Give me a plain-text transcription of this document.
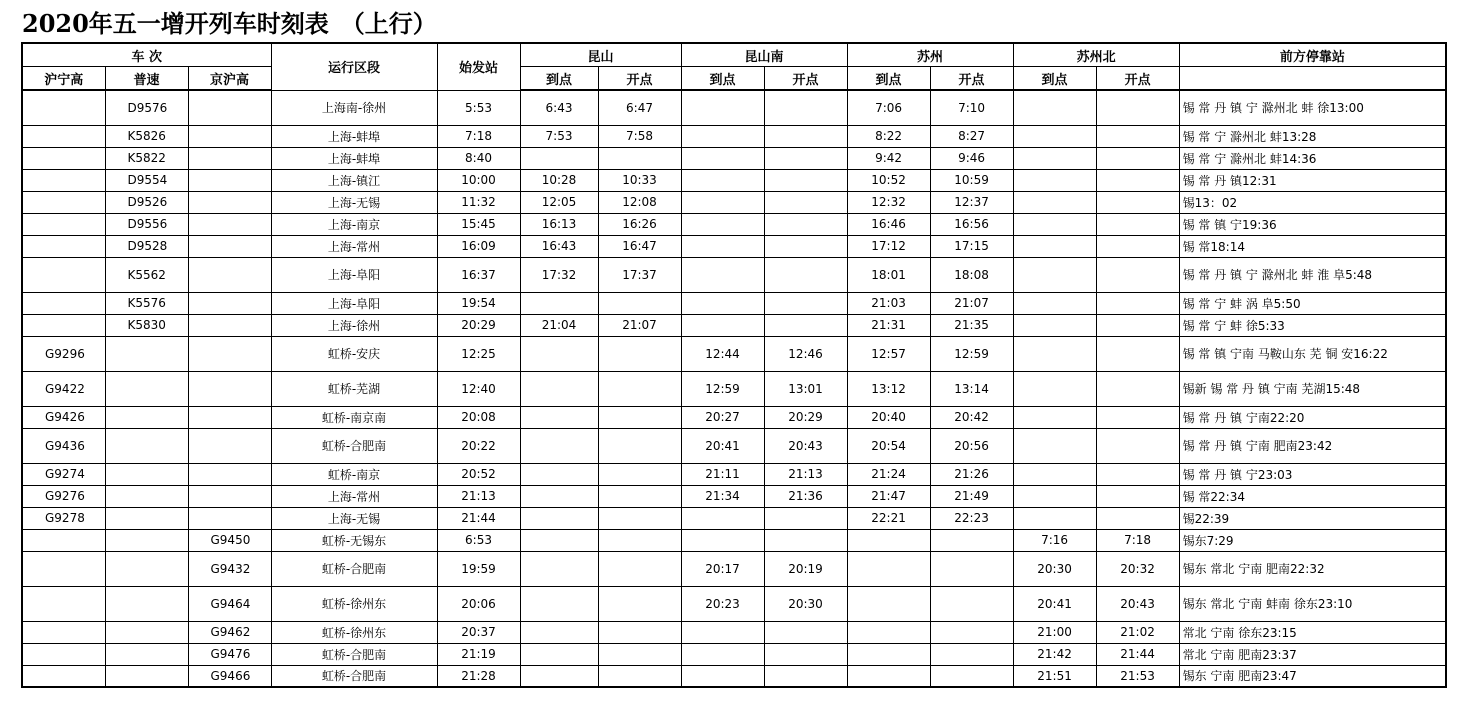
2020年五一增开列车时刻表　（上行）
车 次			运行区段	始发站	昆山		昆山南		苏州		苏州北		前方停靠站
沪宁高	普速	京沪高			到点	开点	到点	开点	到点	开点	到点	开点	
	D9576		上海南-徐州	5:53	6:43	6:47			7:06	7:10			锡 常 丹 镇 宁 滁州北 蚌 徐13:00
	K5826		上海-蚌埠	7:18	7:53	7:58			8:22	8:27			锡 常 宁 滁州北 蚌13:28
	K5822		上海-蚌埠	8:40					9:42	9:46			锡 常 宁 滁州北 蚌14:36
	D9554		上海-镇江	10:00	10:28	10:33			10:52	10:59			锡 常 丹 镇12:31
	D9526		上海-无锡	11:32	12:05	12:08			12:32	12:37			锡13：02
	D9556		上海-南京	15:45	16:13	16:26			16:46	16:56			锡 常 镇 宁19:36
	D9528		上海-常州	16:09	16:43	16:47			17:12	17:15			锡 常18:14
	K5562		上海-阜阳	16:37	17:32	17:37			18:01	18:08			锡 常 丹 镇 宁 滁州北 蚌 淮 阜5:48
	K5576		上海-阜阳	19:54					21:03	21:07			锡 常 宁 蚌 涡 阜5:50
	K5830		上海-徐州	20:29	21:04	21:07			21:31	21:35			锡 常 宁 蚌 徐5:33
G9296			虹桥-安庆	12:25			12:44	12:46	12:57	12:59			锡 常 镇 宁南 马鞍山东 芜 铜 安16:22
G9422			虹桥-芜湖	12:40			12:59	13:01	13:12	13:14			锡新 锡 常 丹 镇 宁南 芜湖15:48
G9426			虹桥-南京南	20:08			20:27	20:29	20:40	20:42			锡 常 丹 镇 宁南22:20
G9436			虹桥-合肥南	20:22			20:41	20:43	20:54	20:56			锡 常 丹 镇 宁南 肥南23:42
G9274			虹桥-南京	20:52			21:11	21:13	21:24	21:26			锡 常 丹 镇 宁23:03
G9276			上海-常州	21:13			21:34	21:36	21:47	21:49			锡 常22:34
G9278			上海-无锡	21:44					22:21	22:23			锡22:39
		G9450	虹桥-无锡东	6:53							7:16	7:18	锡东7:29
		G9432	虹桥-合肥南	19:59			20:17	20:19			20:30	20:32	锡东 常北 宁南 肥南22:32
		G9464	虹桥-徐州东	20:06			20:23	20:30			20:41	20:43	锡东 常北 宁南 蚌南 徐东23:10
		G9462	虹桥-徐州东	20:37							21:00	21:02	常北 宁南 徐东23:15
		G9476	虹桥-合肥南	21:19							21:42	21:44	常北 宁南 肥南23:37
		G9466	虹桥-合肥南	21:28							21:51	21:53	锡东 宁南 肥南23:47
